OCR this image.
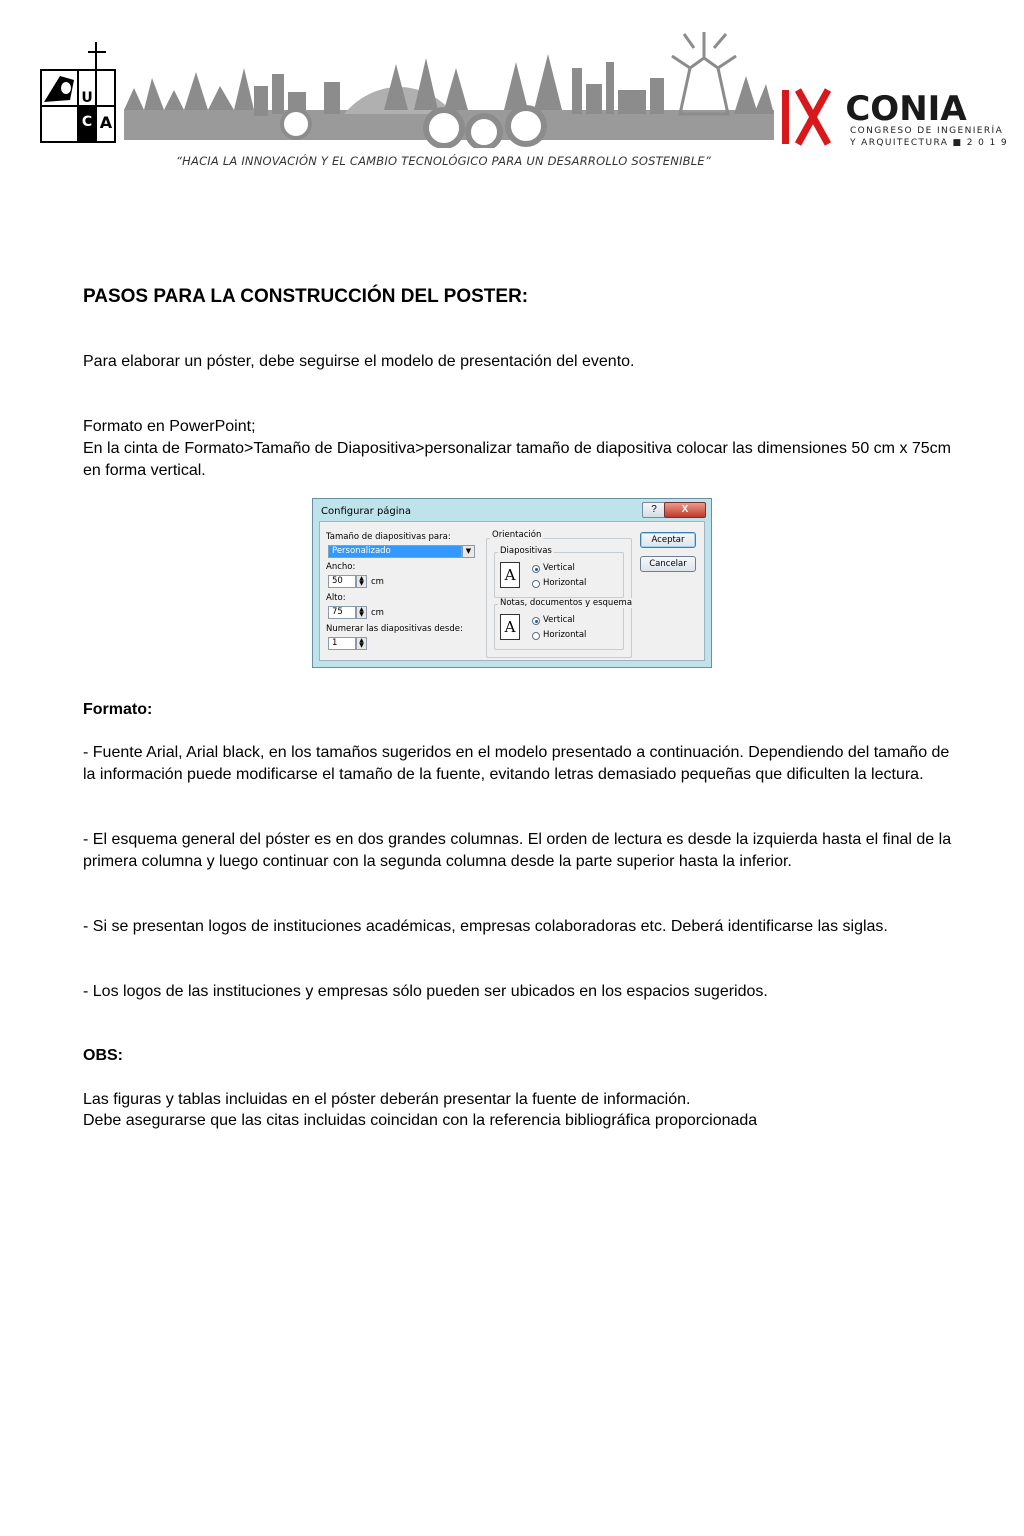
A
C
U
“HACIA LA INNOVACIÓN Y EL CAMBIO TECNOLÓGICO PARA UN DESARROLLO SOSTENIBLE”
CONIA
CONGRESO DE INGENIERÍA
Y ARQUITECTURA ■ 2 0 1 9
PASOS PARA LA CONSTRUCCIÓN DEL POSTER:
Para elaborar un póster, debe seguirse el modelo de presentación del evento.
Formato en PowerPoint;
En la cinta de Formato>Tamaño de Diapositiva>personalizar tamaño de diapositiva colocar las dimensiones 50 cm x 75cm en forma vertical.
Configurar página	?	X
Tamaño de diapositivas para:
Personalizado	▼
Ancho:
50	▲
▼ cm
Alto:
75	▲
▼ cm
Numerar las diapositivas desde:
1	▲
▼
Orientación
Diapositivas
A	Vertical
Horizontal
Notas, documentos y esquema
A	Vertical
Horizontal
Aceptar
Cancelar
Formato:
- Fuente Arial, Arial black, en los tamaños sugeridos en el modelo presentado a continuación. Dependiendo del tamaño de la información puede modificarse el tamaño de la fuente, evitando letras demasiado pequeñas que dificulten la lectura.
- El esquema general del póster es en dos grandes columnas. El orden de lectura es desde la izquierda hasta el final de la primera columna y luego continuar con la segunda columna desde la parte superior hasta la inferior.
- Si se presentan logos de instituciones académicas, empresas colaboradoras etc. Deberá identificarse las siglas.
- Los logos de las instituciones y empresas sólo pueden ser ubicados en los espacios sugeridos.
OBS:
Las figuras y tablas incluidas en el póster deberán presentar la fuente de información.
Debe asegurarse que las citas incluidas coincidan con la referencia bibliográfica proporcionada
